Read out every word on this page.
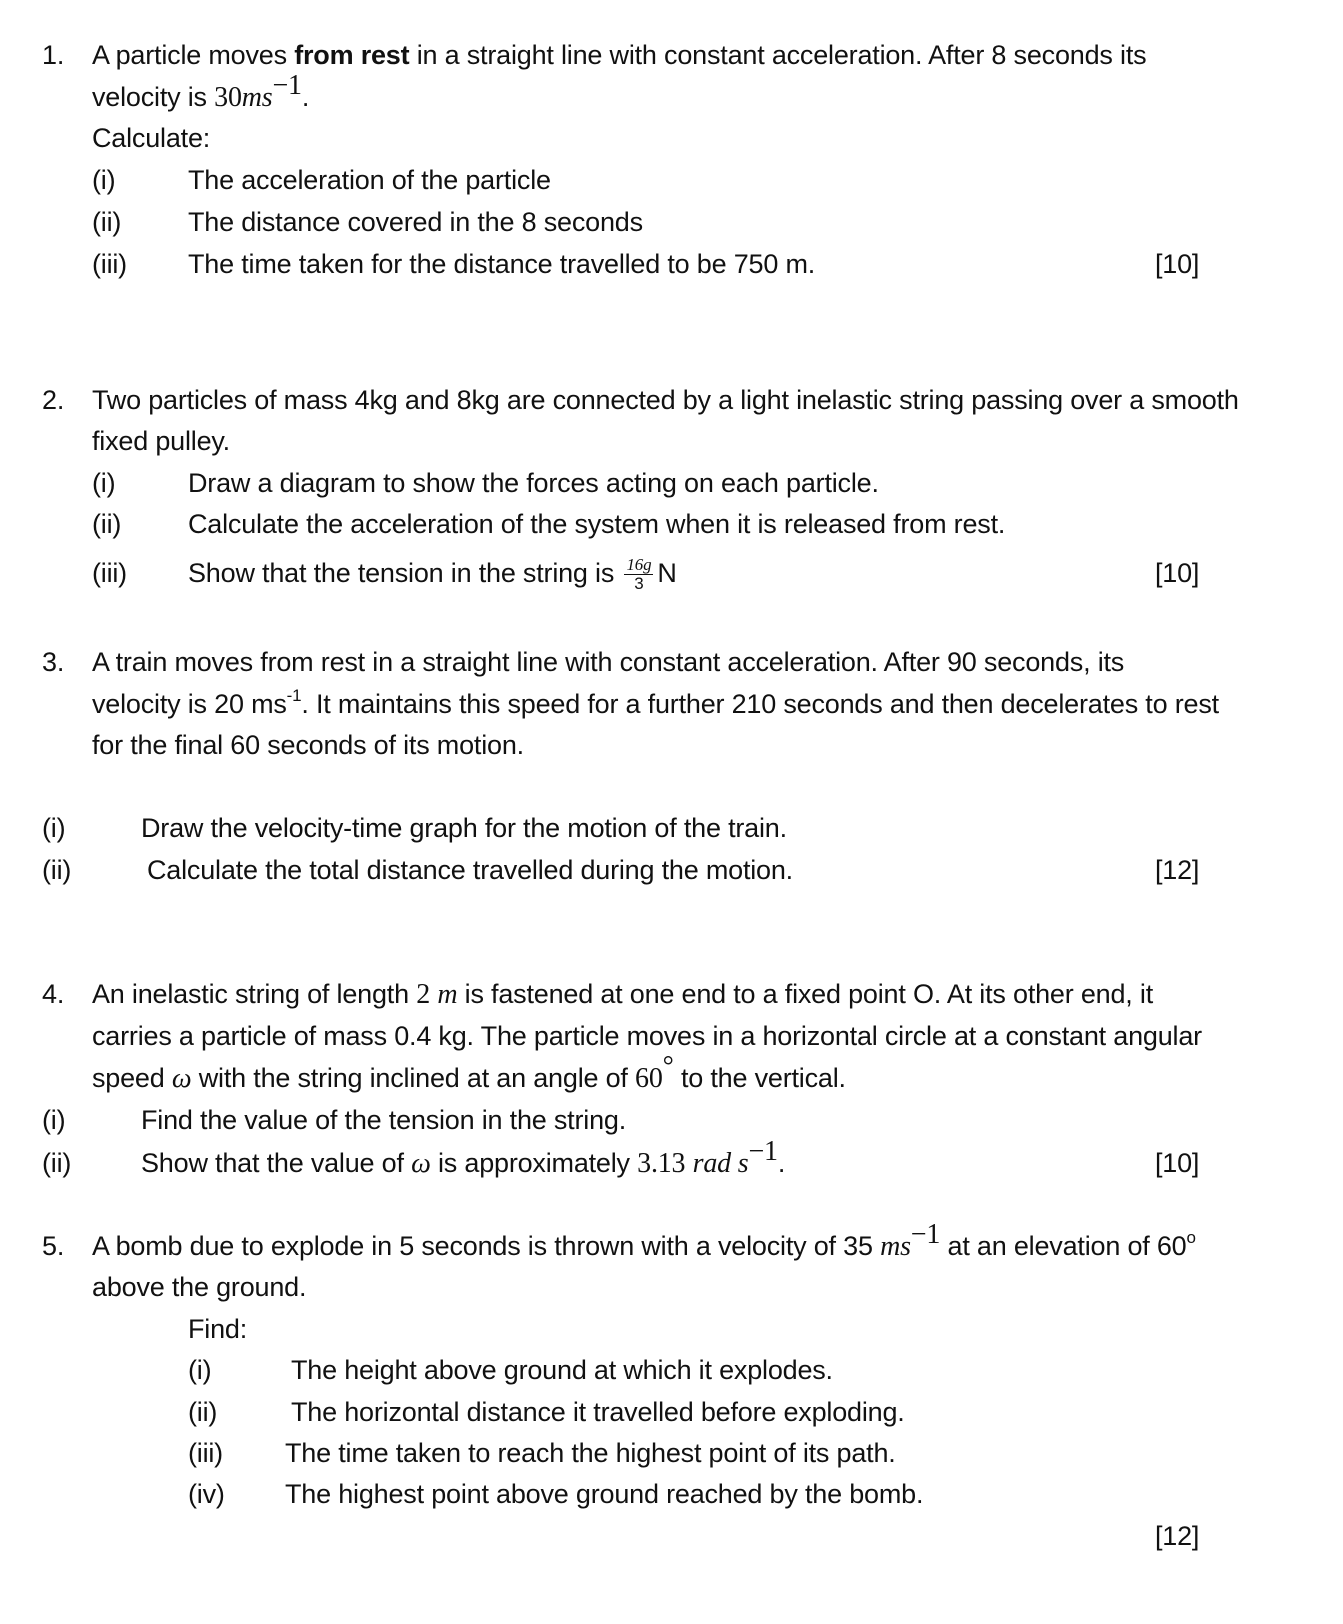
1. A particle moves from rest in a straight line with constant acceleration. After 8 seconds its
velocity is $30ms^{-1}$.
Calculate:
(i)	The acceleration of the particle
(ii) The distance covered in the 8 seconds
(iii) The time taken for the distance travelled to be 750 m.	[10]
2. Two particles of mass 4kg and 8kg are connected by a light inelastic string passing over a smooth
fixed pulley.
(i)	Draw a diagram to show the forces acting on each particle.
(ii) Calculate the acceleration of the system when it is released from rest.
(iii) Show that the tension in the string is $\frac{16g}{3}$ N	[10]
3. A train moves from rest in a straight line with constant acceleration. After 90 seconds, its
velocity is 20 $ms^{-1}$. It maintains this speed for a further 210 seconds and then decelerates to rest
for the final 60 seconds of its motion.
(i)	Draw the velocity-time graph for the motion of the train.
(ii)	Calculate the total distance travelled during the motion.	[12]
4. An inelastic string of length 2 m is fastened at one end to a fixed point O. At its other end, it
carries a particle of mass 0.4 kg. The particle moves in a horizontal circle at a constant angular
speed ω with the string inclined at an angle of 60° to the vertical.
(i)	Find the value of the tension in the string.
(ii)	Show that the value of ω is approximately 3.13 rad $s^{-1}$.	[10]
5. A bomb due to explode in 5 seconds is thrown with a velocity of 35 $ms^{-1}$ at an elevation of 60$^o$
above the ground.
Find:
(i)	The height above ground at which it explodes.
(ii)	The horizontal distance it travelled before exploding.
(iii) The time taken to reach the highest point of its path.
(iv) The highest point above ground reached by the bomb.
[12]
